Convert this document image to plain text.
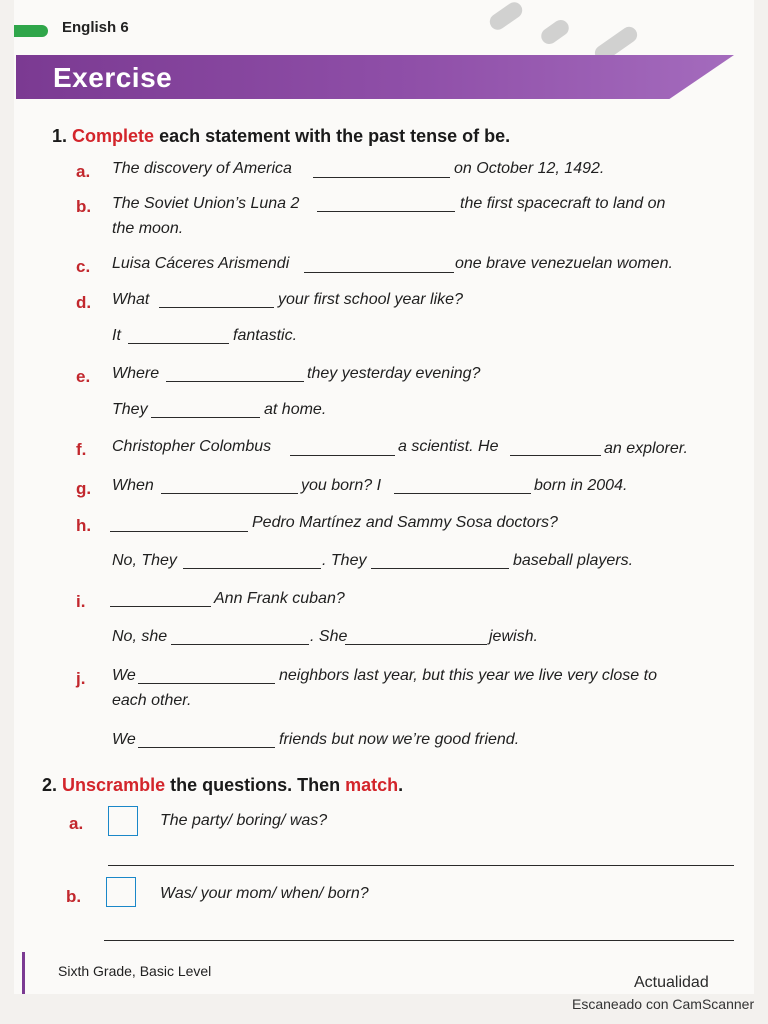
English 6
Exercise
1. Complete each statement with the past tense of be.
a. The discovery of America	on October 12, 1492.
b. The Soviet Union’s Luna 2	the first spacecraft to land on
the moon.
c. Luisa Cáceres Arismendi	one brave venezuelan women.
d. What	your first school year like?
It	fantastic.
e. Where	they yesterday evening?
They	at home.
f. Christopher Colombus	a scientist. He	an explorer.
g. When	you born? I	born in 2004.
h.	Pedro Martínez and Sammy Sosa doctors?
No, They	. They	baseball players.
i.	Ann Frank cuban?
No, she	. She	jewish.
j. We	neighbors last year, but this year we live very close to
each other.
We	friends but now we’re good friend.
2. Unscramble the questions. Then match.
a.	The party/ boring/ was?
b.	Was/ your mom/ when/ born?
Sixth Grade, Basic Level
Actualidad
Escaneado con CamScanner
